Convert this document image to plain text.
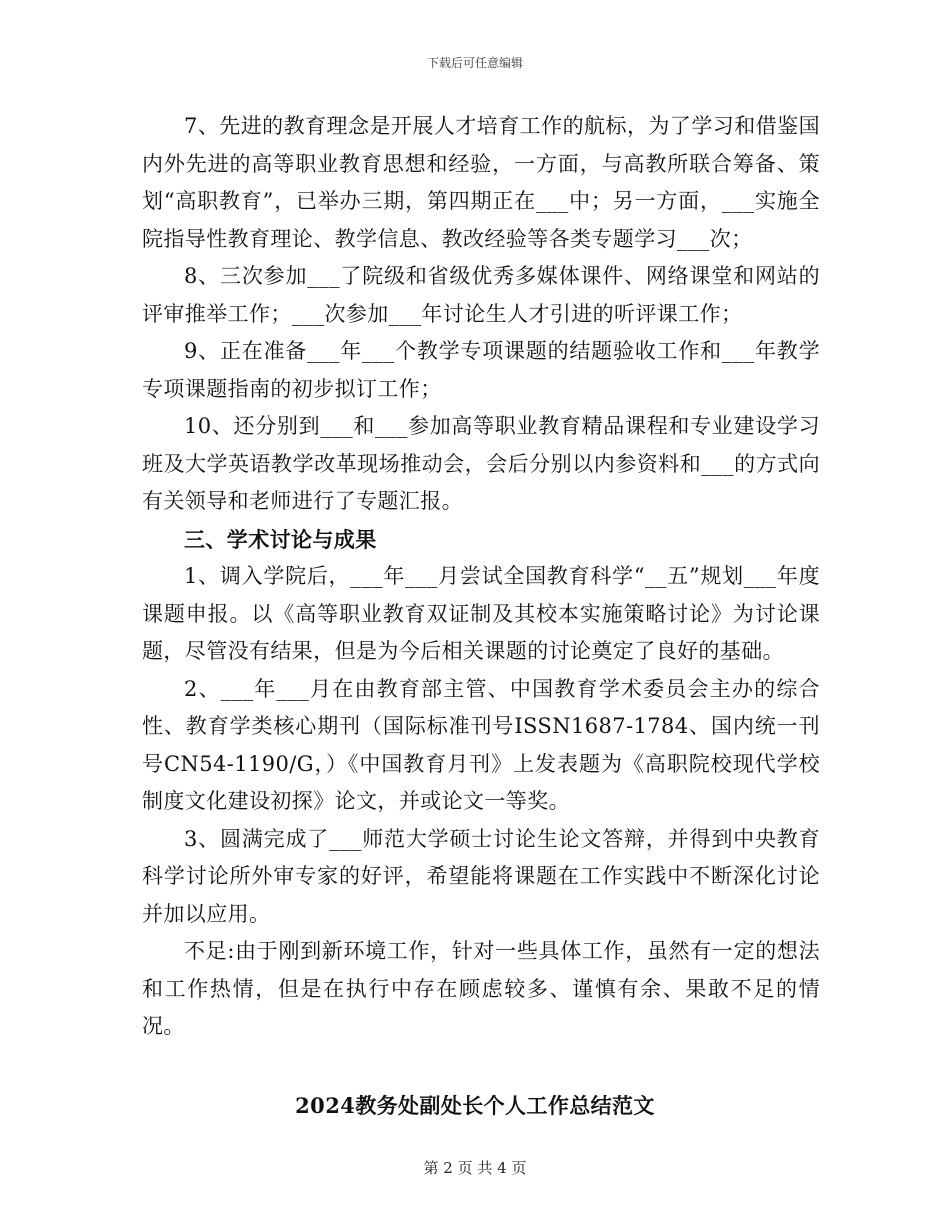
下载后可任意编辑

7、先进的教育理念是开展人才培育工作的航标，为了学习和借鉴国内外先进的高等职业教育思想和经验，一方面，与高教所联合筹备、策划“高职教育”，已举办三期，第四期正在___中；另一方面，___实施全院指导性教育理论、教学信息、教改经验等各类专题学习___次；

8、三次参加___了院级和省级优秀多媒体课件、网络课堂和网站的评审推举工作；___次参加___年讨论生人才引进的听评课工作；

9、正在准备___年___个教学专项课题的结题验收工作和___年教学专项课题指南的初步拟订工作；

10、还分别到___和___参加高等职业教育精品课程和专业建设学习班及大学英语教学改革现场推动会，会后分别以内参资料和___的方式向有关领导和老师进行了专题汇报。

三、学术讨论与成果

1、调入学院后，___年___月尝试全国教育科学“__五”规划___年度课题申报。以《高等职业教育双证制及其校本实施策略讨论》为讨论课题，尽管没有结果，但是为今后相关课题的讨论奠定了良好的基础。

2、___年___月在由教育部主管、中国教育学术委员会主办的综合性、教育学类核心期刊（国际标准刊号ISSN1687-1784、国内统一刊号CN54-1190/G，）《中国教育月刊》上发表题为《高职院校现代学校制度文化建设初探》论文，并或论文一等奖。

3、圆满完成了___师范大学硕士讨论生论文答辩，并得到中央教育科学讨论所外审专家的好评，希望能将课题在工作实践中不断深化讨论并加以应用。

不足:由于刚到新环境工作，针对一些具体工作，虽然有一定的想法和工作热情，但是在执行中存在顾虑较多、谨慎有余、果敢不足的情况。

2024教务处副处长个人工作总结范文

第 2 页 共 4 页
